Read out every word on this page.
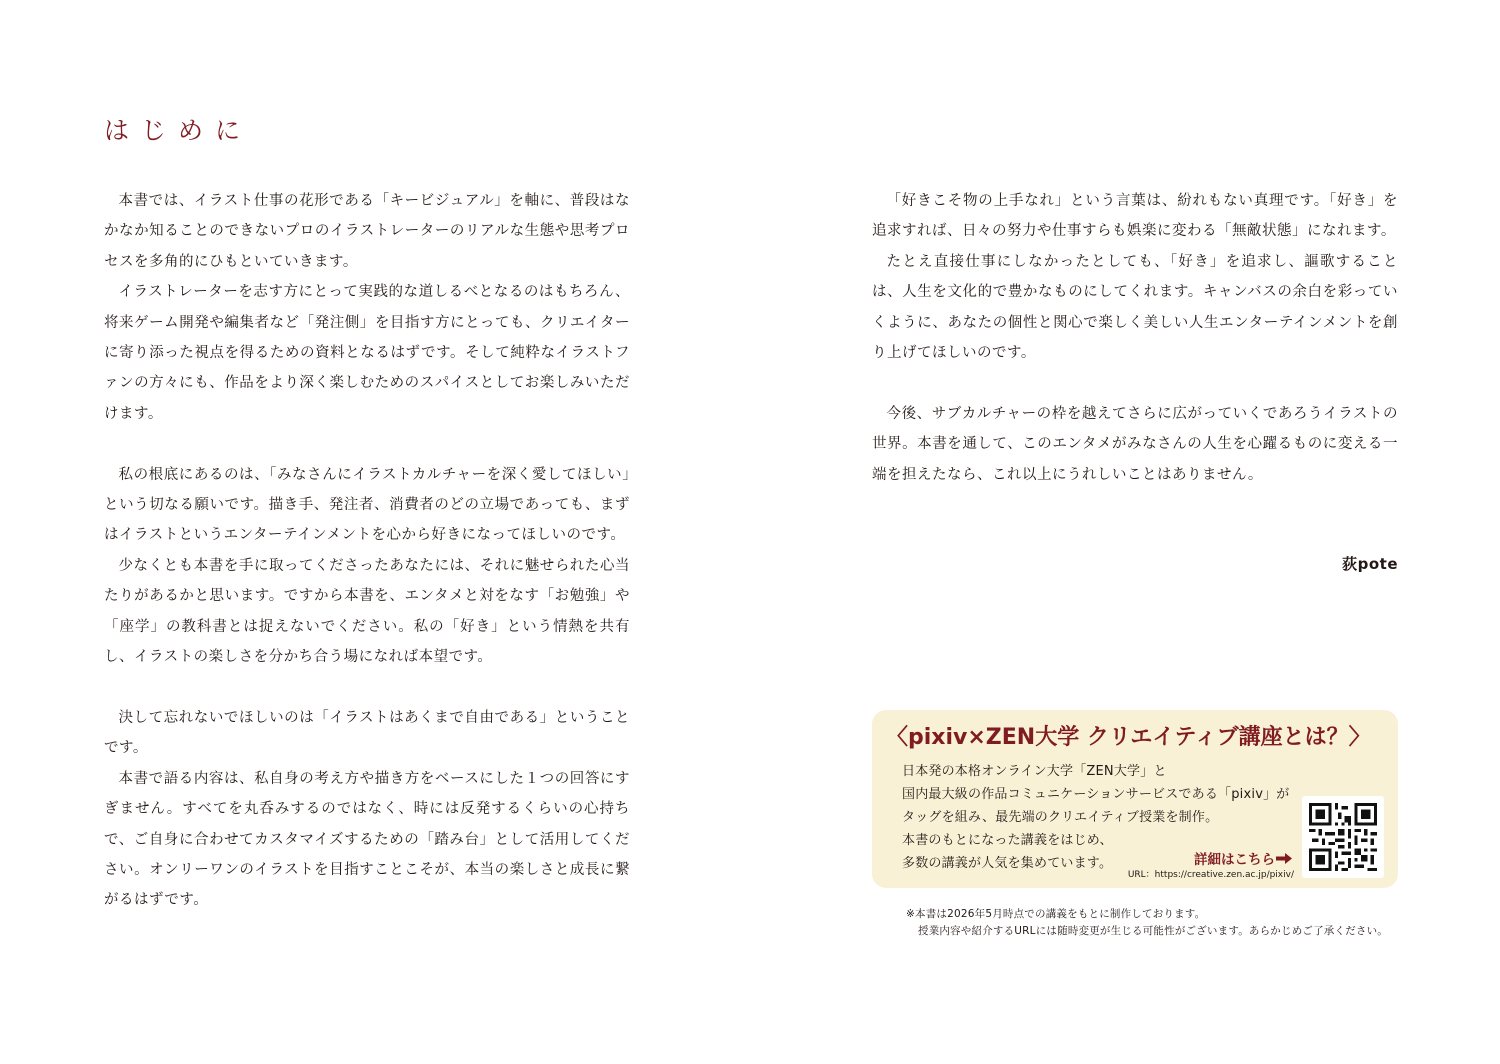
はじめに

本書では、イラスト仕事の花形である「キービジュアル」を軸に、普段はなかなか知ることのできないプロのイラストレーターのリアルな生態や思考プロセスを多角的にひもといていきます。

イラストレーターを志す方にとって実践的な道しるべとなるのはもちろん、将来ゲーム開発や編集者など「発注側」を目指す方にとっても、クリエイターに寄り添った視点を得るための資料となるはずです。そして純粋なイラストファンの方々にも、作品をより深く楽しむためのスパイスとしてお楽しみいただけます。

私の根底にあるのは、「みなさんにイラストカルチャーを深く愛してほしい」という切なる願いです。描き手、発注者、消費者のどの立場であっても、まずはイラストというエンターテインメントを心から好きになってほしいのです。

少なくとも本書を手に取ってくださったあなたには、それに魅せられた心当たりがあるかと思います。ですから本書を、エンタメと対をなす「お勉強」や「座学」の教科書とは捉えないでください。私の「好き」という情熱を共有し、イラストの楽しさを分かち合う場になれば本望です。

決して忘れないでほしいのは「イラストはあくまで自由である」ということです。

本書で語る内容は、私自身の考え方や描き方をベースにした１つの回答にすぎません。すべてを丸呑みするのではなく、時には反発するくらいの心持ちで、ご自身に合わせてカスタマイズするための「踏み台」として活用してください。オンリーワンのイラストを目指すことこそが、本当の楽しさと成長に繋がるはずです。

「好きこそ物の上手なれ」という言葉は、紛れもない真理です。「好き」を追求すれば、日々の努力や仕事すらも娯楽に変わる「無敵状態」になれます。

たとえ直接仕事にしなかったとしても、「好き」を追求し、謳歌することは、人生を文化的で豊かなものにしてくれます。キャンバスの余白を彩っていくように、あなたの個性と関心で楽しく美しい人生エンターテインメントを創り上げてほしいのです。

今後、サブカルチャーの枠を越えてさらに広がっていくであろうイラストの世界。本書を通して、このエンタメがみなさんの人生を心躍るものに変える一端を担えたなら、これ以上にうれしいことはありません。

荻pote
〈pixiv×ZEN大学 クリエイティブ講座とは？〉
日本発の本格オンライン大学「ZEN大学」と
国内最大級の作品コミュニケーションサービスである「pixiv」が
タッグを組み、最先端のクリエイティブ授業を制作。
本書のもとになった講義をはじめ、
多数の講義が人気を集めています。	詳細はこちら
URL：https://creative.zen.ac.jp/pixiv/
※本書は2026年5月時点での講義をもとに制作しております。
授業内容や紹介するURLには随時変更が生じる可能性がございます。あらかじめご了承ください。
